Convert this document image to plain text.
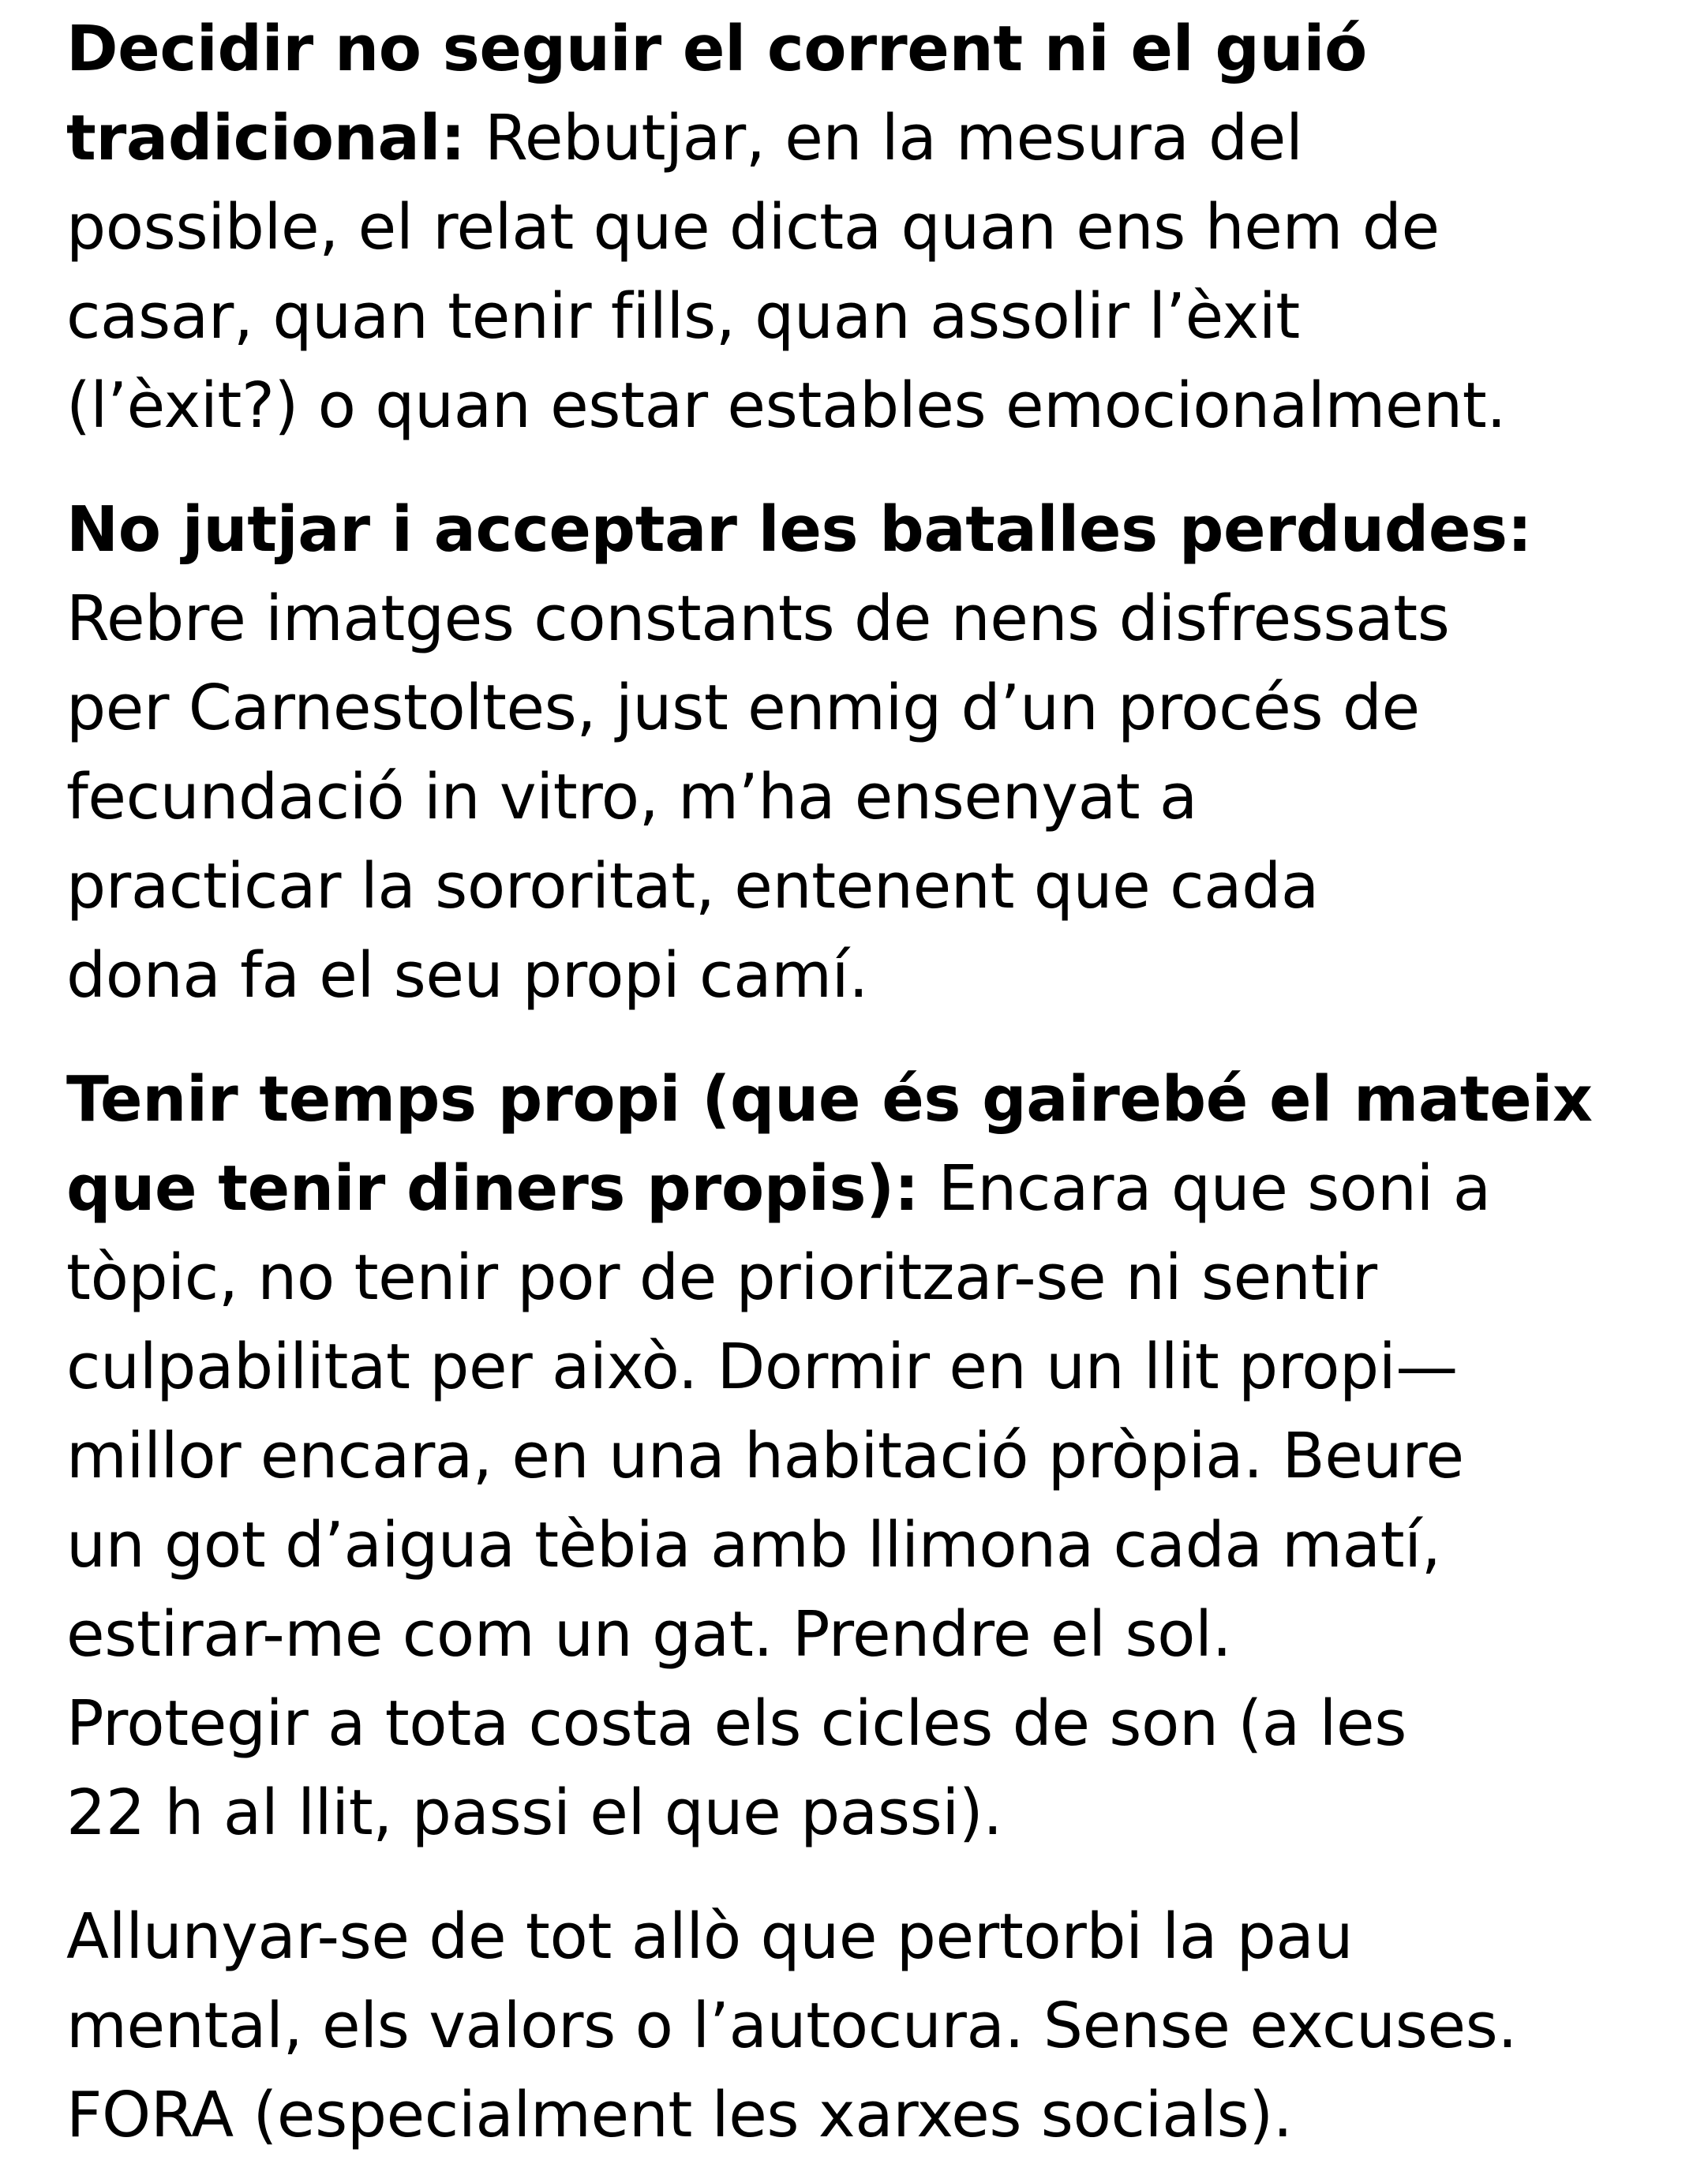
Decidir no seguir el corrent ni el guió
tradicional: Rebutjar, en la mesura del
possible, el relat que dicta quan ens hem de
casar, quan tenir fills, quan assolir l’èxit
(l’èxit?) o quan estar estables emocionalment.

No jutjar i acceptar les batalles perdudes:
Rebre imatges constants de nens disfressats
per Carnestoltes, just enmig d’un procés de
fecundació in vitro, m’ha ensenyat a
practicar la sororitat, entenent que cada
dona fa el seu propi camí.

Tenir temps propi (que és gairebé el mateix
que tenir diners propis): Encara que soni a
tòpic, no tenir por de prioritzar-se ni sentir
culpabilitat per això. Dormir en un llit propi—
millor encara, en una habitació pròpia. Beure
un got d’aigua tèbia amb llimona cada matí,
estirar-me com un gat. Prendre el sol.
Protegir a tota costa els cicles de son (a les
22 h al llit, passi el que passi).

Allunyar-se de tot allò que pertorbi la pau
mental, els valors o l’autocura. Sense excuses.
FORA (especialment les xarxes socials).
